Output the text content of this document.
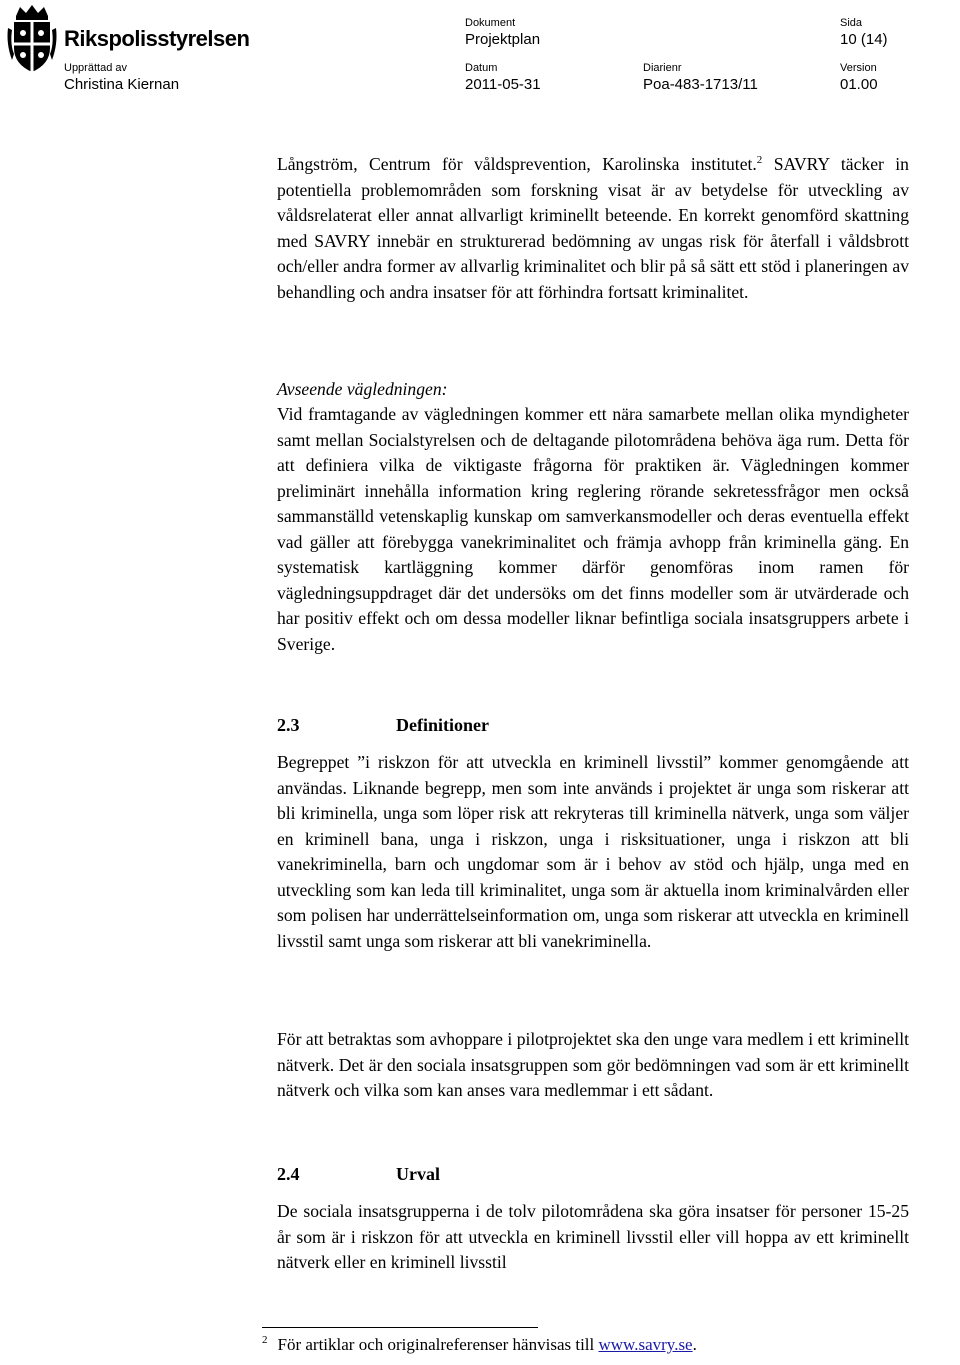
Rikspolisstyrelsen
Dokument
Projektplan
Sida
10 (14)
Upprättad av
Christina Kiernan
Datum
2011-05-31
Diarienr
Poa-483-1713/11
Version
01.00

Långström, Centrum för våldsprevention, Karolinska institutet.$^2$ SAVRY täcker in potentiella problemområden som forskning visat är av betydelse för utveckling av våldsrelaterat eller annat allvarligt kriminellt beteende. En korrekt genomförd skattning med SAVRY innebär en strukturerad bedömning av ungas risk för återfall i våldsbrott och/eller andra former av allvarlig kriminalitet och blir på så sätt ett stöd i planeringen av behandling och andra insatser för att förhindra fortsatt kriminalitet.

Avseende vägledningen:

Vid framtagande av vägledningen kommer ett nära samarbete mellan olika myndigheter samt mellan Socialstyrelsen och de deltagande pilotområdena behöva äga rum. Detta för att definiera vilka de viktigaste frågorna för praktiken är. Vägledningen kommer preliminärt innehålla information kring reglering rörande sekretessfrågor men också sammanställd vetenskaplig kunskap om samverkansmodeller och deras eventuella effekt vad gäller att förebygga vanekriminalitet och främja avhopp från kriminella gäng. En systematisk kartläggning kommer därför genomföras inom ramen för vägledningsuppdraget där det undersöks om det finns modeller som är utvärderade och har positiv effekt och om dessa modeller liknar befintliga sociala insatsgruppers arbete i Sverige.

2.3	Definitioner

Begreppet ”i riskzon för att utveckla en kriminell livsstil” kommer genomgående att användas. Liknande begrepp, men som inte används i projektet är unga som riskerar att bli kriminella, unga som löper risk att rekryteras till kriminella nätverk, unga som väljer en kriminell bana, unga i riskzon, unga i risksituationer, unga i riskzon att bli vanekriminella, barn och ungdomar som är i behov av stöd och hjälp, unga med en utveckling som kan leda till kriminalitet, unga som är aktuella inom kriminalvården eller som polisen har underrättelseinformation om, unga som riskerar att utveckla en kriminell livsstil samt unga som riskerar att bli vanekriminella.

För att betraktas som avhoppare i pilotprojektet ska den unge vara medlem i ett kriminellt nätverk. Det är den sociala insatsgruppen som gör bedömningen vad som är ett kriminellt nätverk och vilka som kan anses vara medlemmar i ett sådant.

2.4	Urval

De sociala insatsgrupperna i de tolv pilotområdena ska göra insatser för personer 15-25 år som är i riskzon för att utveckla en kriminell livsstil eller vill hoppa av ett kriminellt nätverk eller en kriminell livsstil

$^2$ För artiklar och originalreferenser hänvisas till www.savry.se.
